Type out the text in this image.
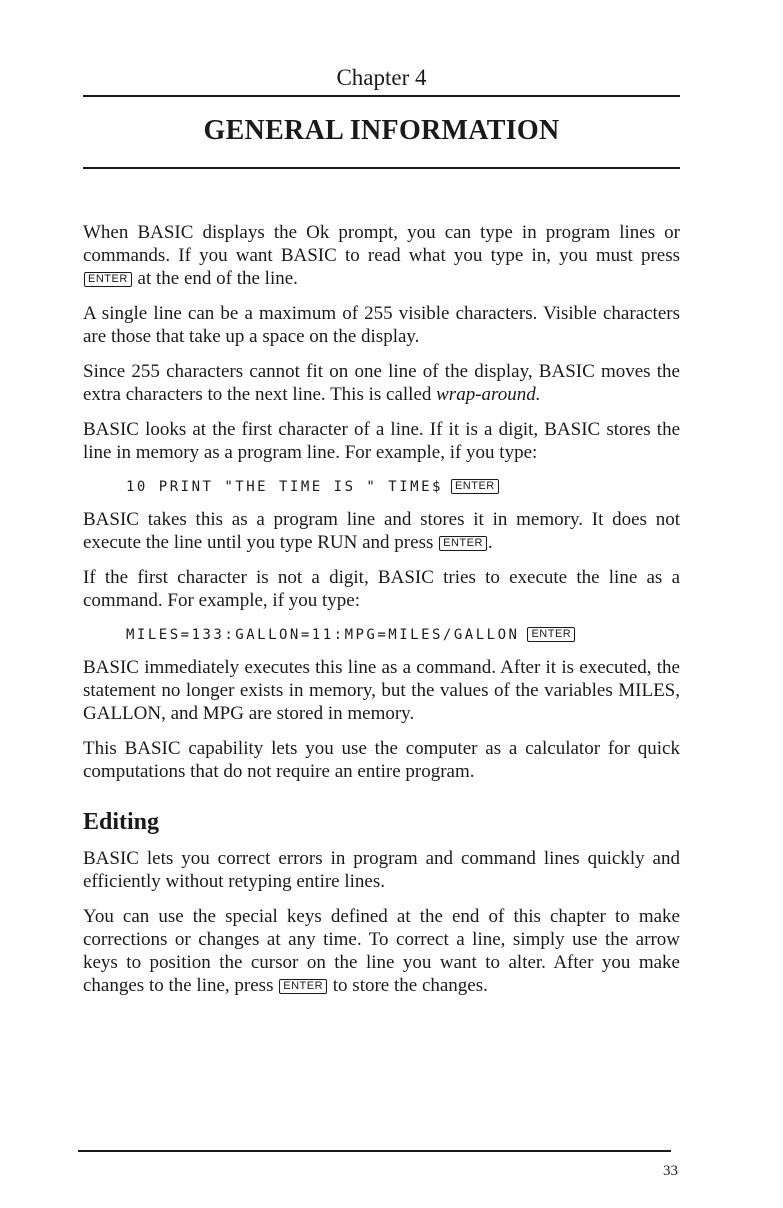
Chapter 4
GENERAL INFORMATION

When BASIC displays the Ok prompt, you can type in program lines or commands. If you want BASIC to read what you type in, you must press ENTER at the end of the line.

A single line can be a maximum of 255 visible characters. Visible characters are those that take up a space on the display.

Since 255 characters cannot fit on one line of the display, BASIC moves the extra characters to the next line. This is called wrap-around.

BASIC looks at the first character of a line. If it is a digit, BASIC stores the line in memory as a program line. For example, if you type:

10 PRINT "THE TIME IS " TIME$ ENTER

BASIC takes this as a program line and stores it in memory. It does not execute the line until you type RUN and press ENTER .

If the first character is not a digit, BASIC tries to execute the line as a command. For example, if you type:

MILES=133:GALLON=11:MPG=MILES/GALLON ENTER

BASIC immediately executes this line as a command. After it is executed, the statement no longer exists in memory, but the values of the variables MILES, GALLON, and MPG are stored in memory.

This BASIC capability lets you use the computer as a calculator for quick computations that do not require an entire program.

Editing

BASIC lets you correct errors in program and command lines quickly and efficiently without retyping entire lines.

You can use the special keys defined at the end of this chapter to make corrections or changes at any time. To correct a line, simply use the arrow keys to position the cursor on the line you want to alter. After you make changes to the line, press ENTER to store the changes.

33
